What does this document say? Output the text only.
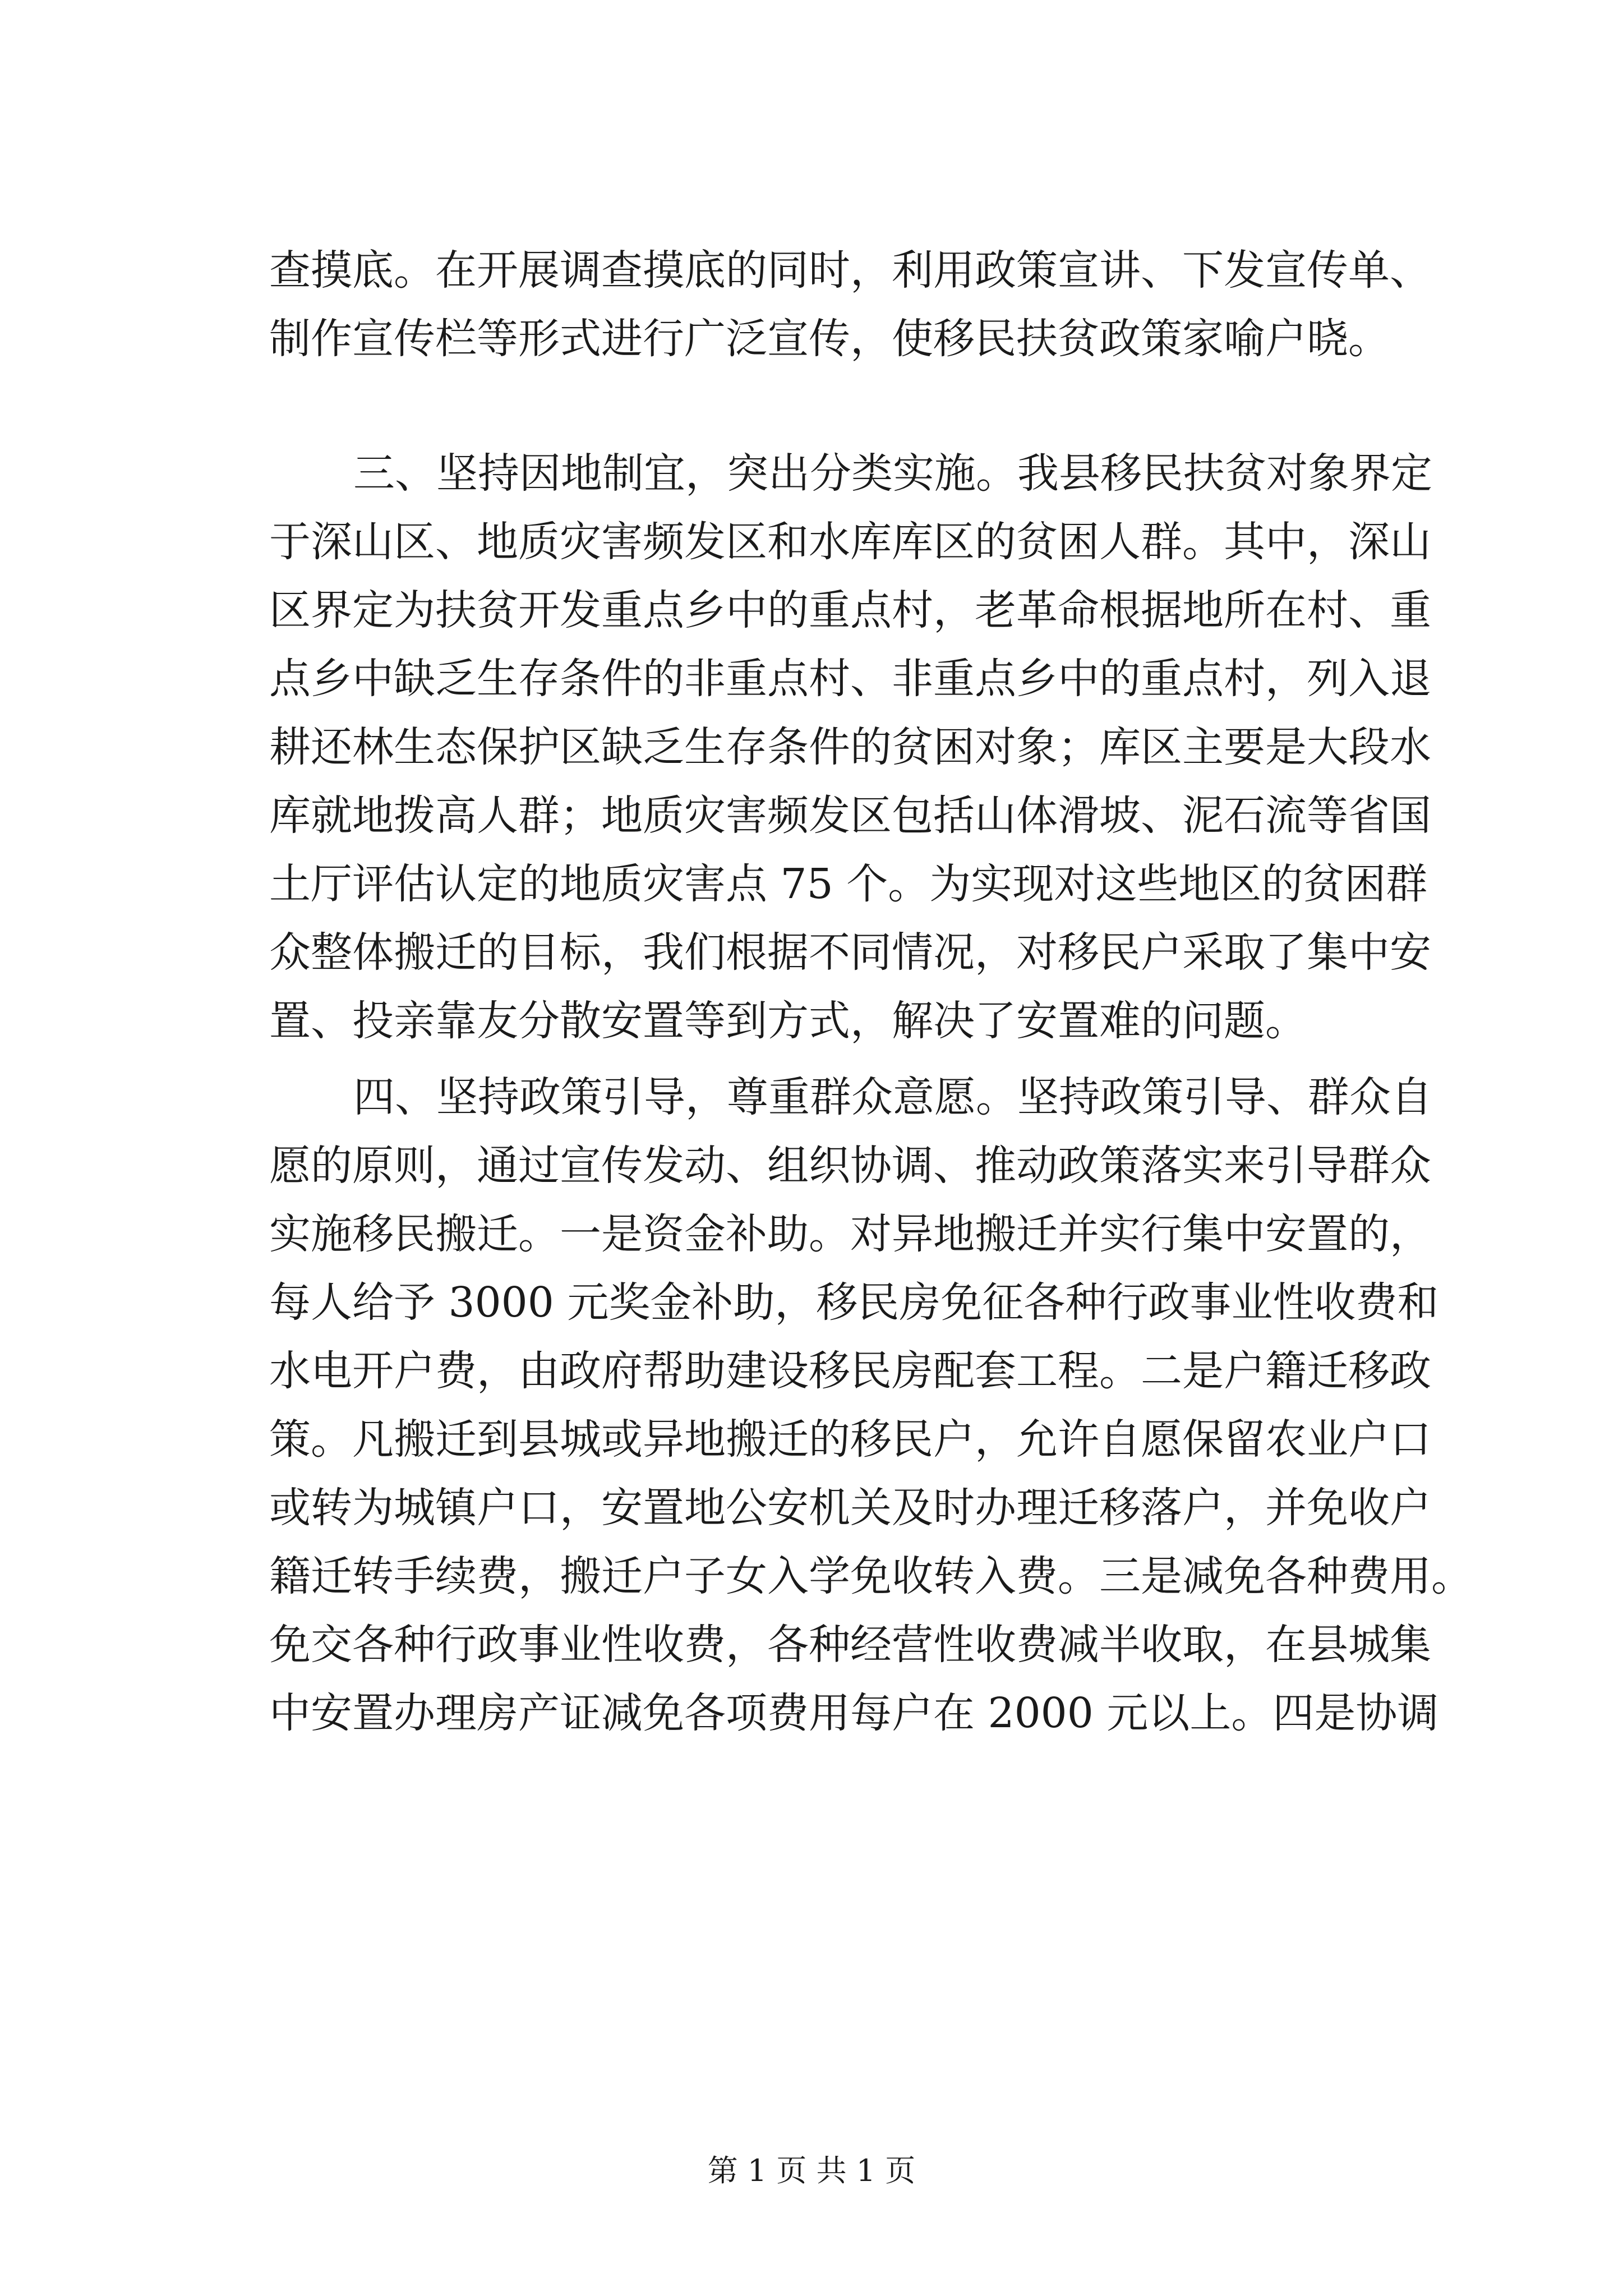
查摸底。在开展调查摸底的同时，利用政策宣讲、下发宣传单、
制作宣传栏等形式进行广泛宣传，使移民扶贫政策家喻户晓。
三、坚持因地制宜，突出分类实施。我县移民扶贫对象界定
于深山区、地质灾害频发区和水库库区的贫困人群。其中，深山
区界定为扶贫开发重点乡中的重点村，老革命根据地所在村、重
点乡中缺乏生存条件的非重点村、非重点乡中的重点村，列入退
耕还林生态保护区缺乏生存条件的贫困对象；库区主要是大段水
库就地拨高人群；地质灾害频发区包括山体滑坡、泥石流等省国
土厅评估认定的地质灾害点 75 个。为实现对这些地区的贫困群
众整体搬迁的目标，我们根据不同情况，对移民户采取了集中安
置、投亲靠友分散安置等到方式，解决了安置难的问题。
四、坚持政策引导，尊重群众意愿。坚持政策引导、群众自
愿的原则，通过宣传发动、组织协调、推动政策落实来引导群众
实施移民搬迁。一是资金补助。对异地搬迁并实行集中安置的，
每人给予 3000 元奖金补助，移民房免征各种行政事业性收费和
水电开户费，由政府帮助建设移民房配套工程。二是户籍迁移政
策。凡搬迁到县城或异地搬迁的移民户，允许自愿保留农业户口
或转为城镇户口，安置地公安机关及时办理迁移落户，并免收户
籍迁转手续费，搬迁户子女入学免收转入费。三是减免各种费用。
免交各种行政事业性收费，各种经营性收费减半收取，在县城集
中安置办理房产证减免各项费用每户在 2000 元以上。四是协调
第 1 页 共 1 页
